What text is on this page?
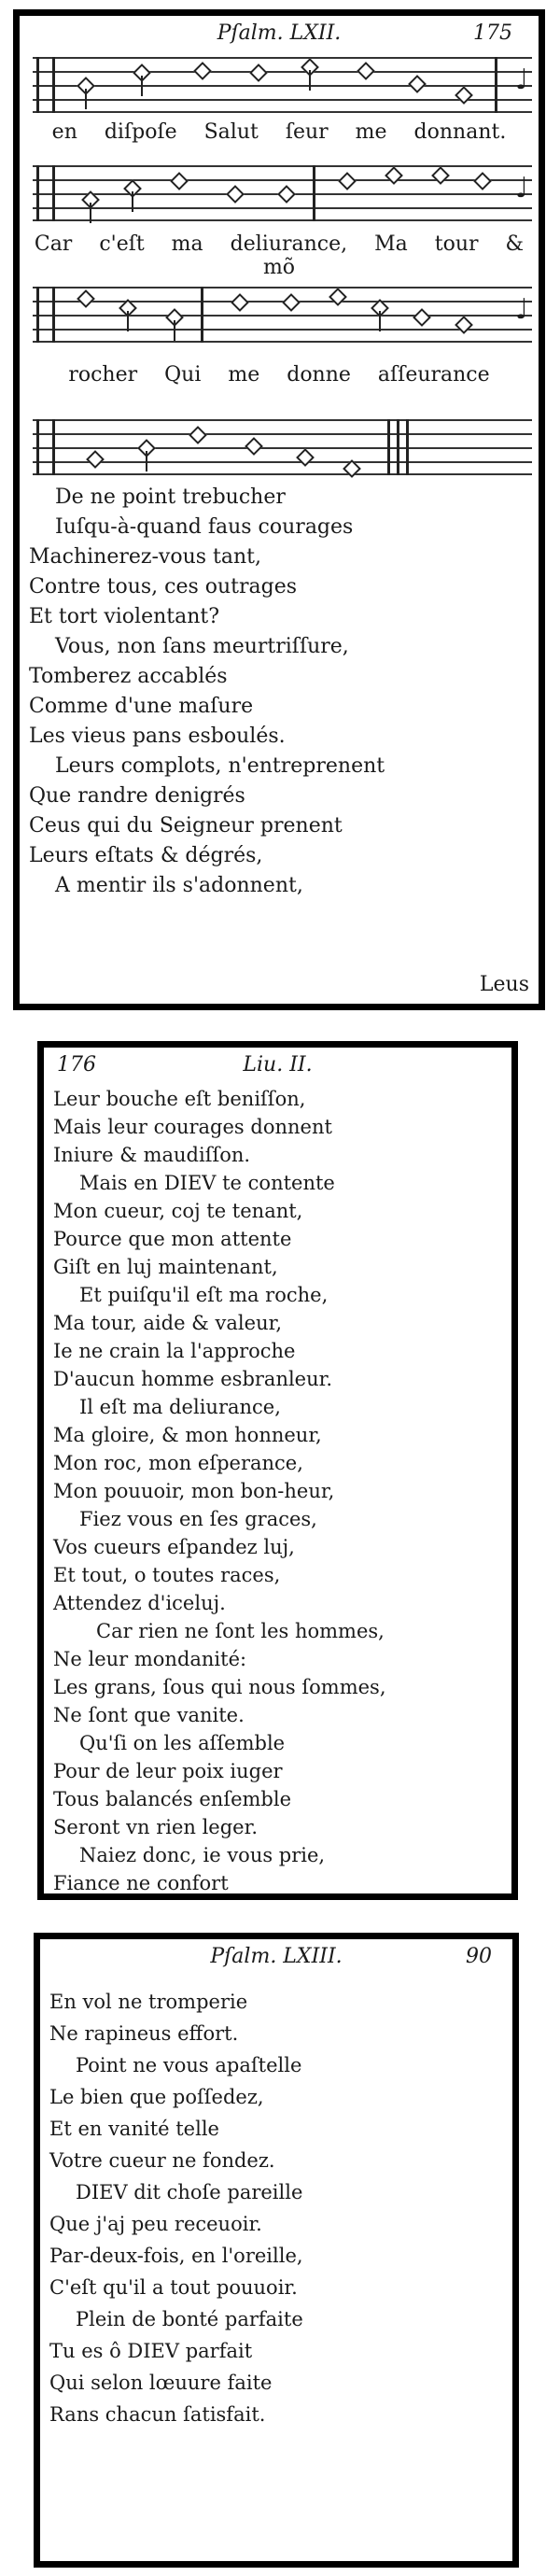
Pſalm. LXII.	175
♩
en diſpoſe Salut ſeur me donnant.
♩
Car c'eſt ma deliurance, Ma tour & mõ
♩
rocher Qui me donne aſſeurance
De ne point trebucher
Iuſqu-à-quand faus courages
Machinerez-vous tant,
Contre tous, ces outrages
Et tort violentant?
Vous, non ſans meurtriſſure,
Tomberez accablés
Comme d'une maſure
Les vieus pans esboulés.
Leurs complots, n'entreprenent
Que randre denigrés
Ceus qui du Seigneur prenent
Leurs eſtats & dégrés,
A mentir ils s'adonnent,
Leus
176	Liu. II.
Leur bouche eſt beniſſon,
Mais leur courages donnent
Iniure & maudiſſon.
Mais en DIEV te contente
Mon cueur, coj te tenant,
Pource que mon attente
Giſt en luj maintenant,
Et puiſqu'il eſt ma roche,
Ma tour, aide & valeur,
Ie ne crain la l'approche
D'aucun homme esbranleur.
Il eſt ma deliurance,
Ma gloire, & mon honneur,
Mon roc, mon eſperance,
Mon pouuoir, mon bon-heur,
Fiez vous en ſes graces,
Vos cueurs eſpandez luj,
Et tout, o toutes races,
Attendez d'iceluj.
Car rien ne ſont les hommes,
Ne leur mondanité:
Les grans, ſous qui nous ſommes,
Ne ſont que vanite.
Qu'ſi on les aſſemble
Pour de leur poix iuger
Tous balancés enſemble
Seront vn rien leger.
Naiez donc, ie vous prie,
Fiance ne confort
Pſalm. LXIII.	90
En vol ne tromperie
Ne rapineus effort.
Point ne vous apaſtelle
Le bien que poſſedez,
Et en vanité telle
Votre cueur ne fondez.
DIEV dit choſe pareille
Que j'aj peu receuoir.
Par-deux-fois, en l'oreille,
C'eſt qu'il a tout pouuoir.
Plein de bonté parfaite
Tu es ô DIEV parfait
Qui selon lœuure faite
Rans chacun ſatisfait.
